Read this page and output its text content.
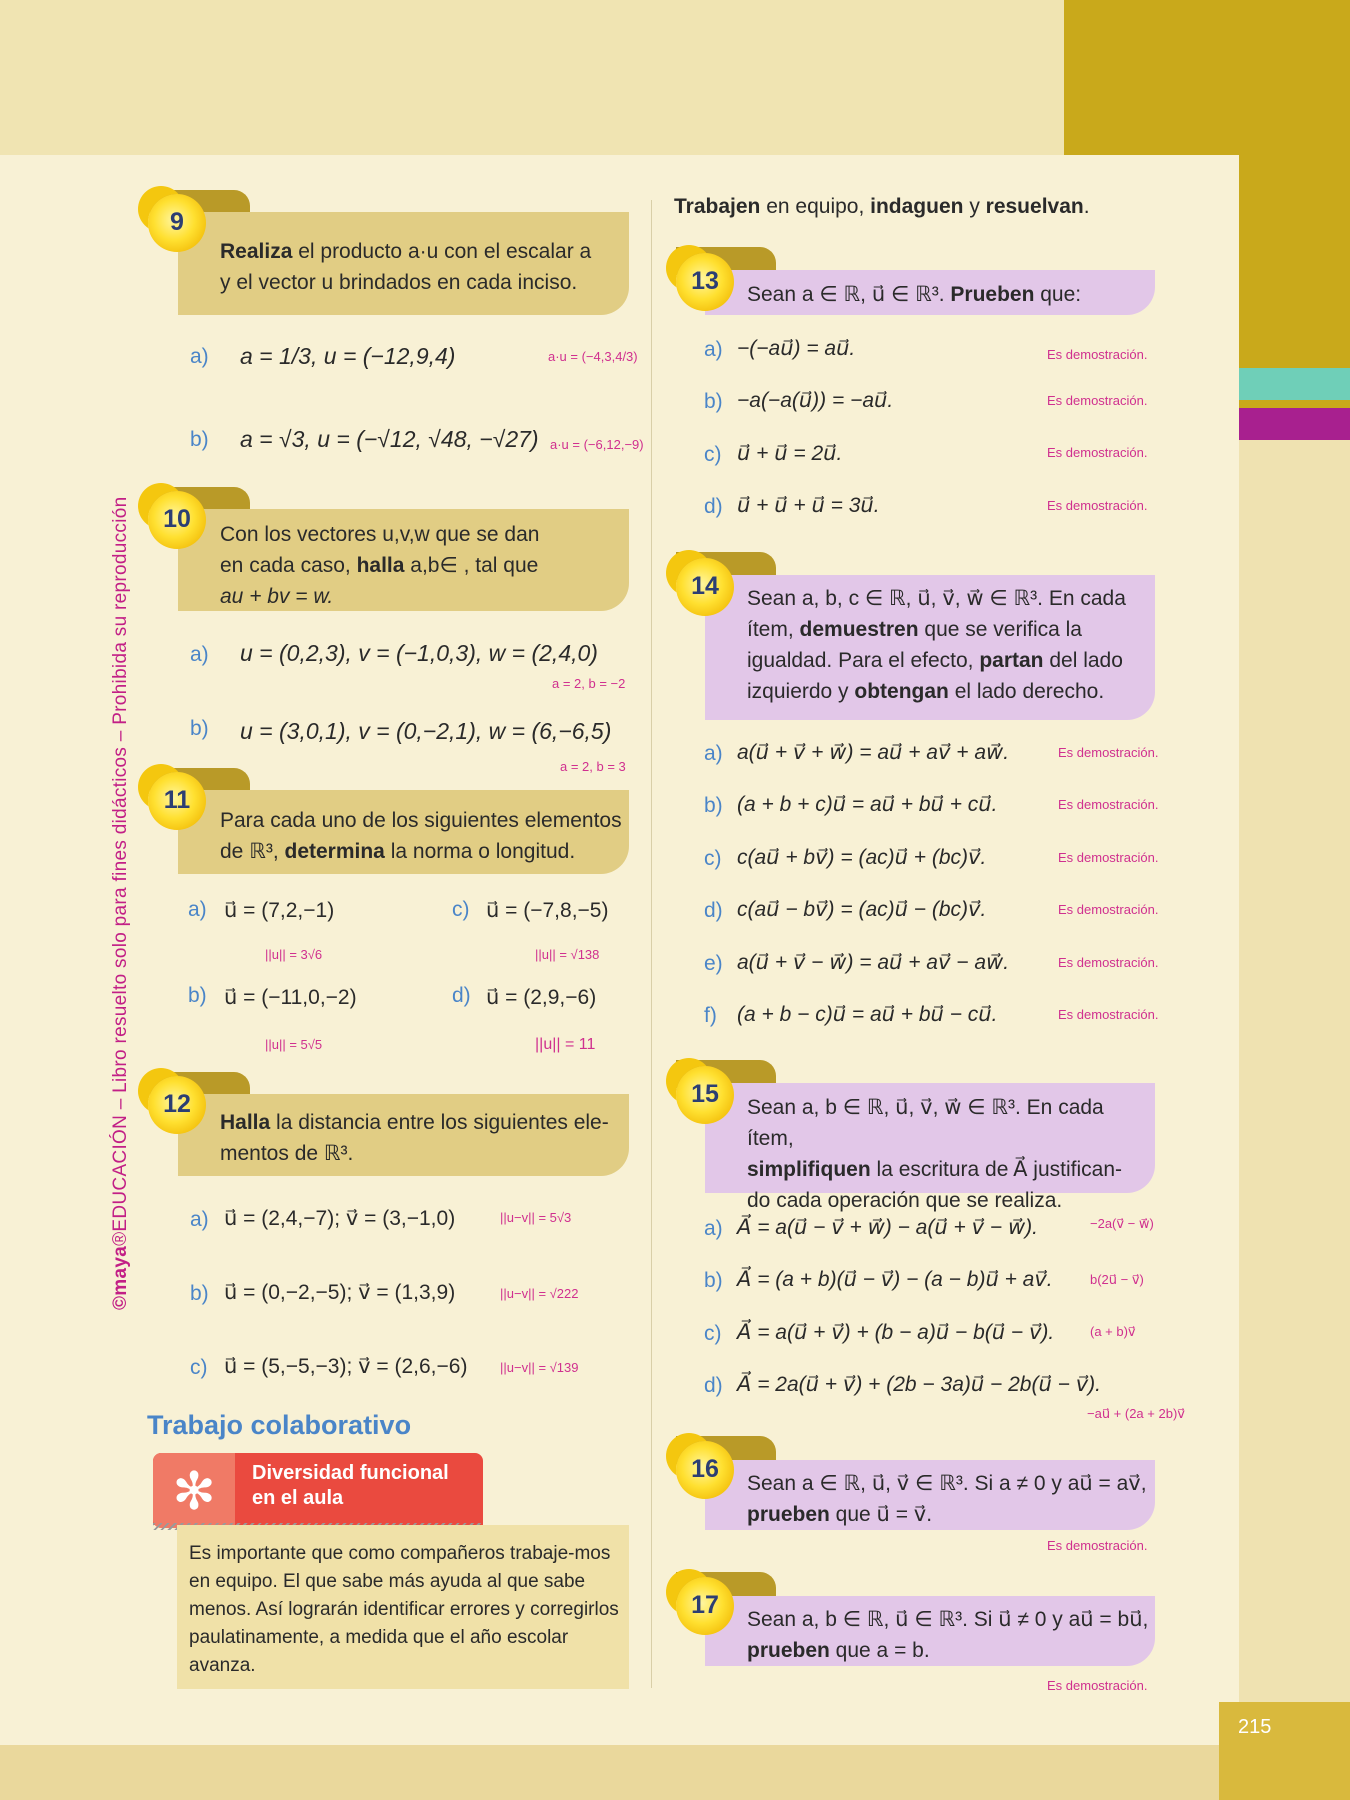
215
©maya®EDUCACIÓN – Libro resuelto solo para fines didácticos – Prohibida su reproducción
9
Realiza el producto a·u con el escalar a
y el vector u brindados en cada inciso.
a) a = 1/3, u = (−12,9,4)	a·u = (−4,3,4/3)
b) a = √3, u = (−√12, √48, −√27) a·u = (−6,12,−9)
10
Con los vectores u,v,w que se dan
en cada caso, halla a,b∈ , tal que
au + bv = w.
a) u = (0,2,3), v = (−1,0,3), w = (2,4,0)
a = 2, b = −2
b) u = (3,0,1), v = (0,−2,1), w = (6,−6,5)
a = 2, b = 3
11
Para cada uno de los siguientes elementos
de ℝ³, determina la norma o longitud.
a) u⃗ = (7,2,−1)
||u|| = 3√6
b) u⃗ = (−11,0,−2)
||u|| = 5√5
c) u⃗ = (−7,8,−5)
||u|| = √138
d) u⃗ = (2,9,−6)
||u|| = 11
12
Halla la distancia entre los siguientes ele-
mentos de ℝ³.
a) u⃗ = (2,4,−7); v⃗ = (3,−1,0)	||u−v|| = 5√3
b) u⃗ = (0,−2,−5); v⃗ = (1,3,9)	||u−v|| = √222
c) u⃗ = (5,−5,−3); v⃗ = (2,6,−6)	||u−v|| = √139
Trabajo colaborativo
✻	Diversidad funcional en el aula
Es importante que como compañeros trabaje-mos en equipo. El que sabe más ayuda al que sabe menos. Así lograrán identificar errores y corregirlos paulatinamente, a medida que el año escolar avanza.
Trabajen en equipo, indaguen y resuelvan.
13	Sean a ∈ ℝ, u⃗ ∈ ℝ³. Prueben que:
a) −(−au⃗) = au⃗.	Es demostración.
b) −a(−a(u⃗)) = −au⃗.	Es demostración.
c) u⃗ + u⃗ = 2u⃗.	Es demostración.
d) u⃗ + u⃗ + u⃗ = 3u⃗.	Es demostración.
14	Sean a, b, c ∈ ℝ, u⃗, v⃗, w⃗ ∈ ℝ³. En cada
ítem, demuestren que se verifica la
igualdad. Para el efecto, partan del lado
izquierdo y obtengan el lado derecho.
a) a(u⃗ + v⃗ + w⃗) = au⃗ + av⃗ + aw⃗.	Es demostración.
b) (a + b + c)u⃗ = au⃗ + bu⃗ + cu⃗.	Es demostración.
c) c(au⃗ + bv⃗) = (ac)u⃗ + (bc)v⃗.	Es demostración.
d) c(au⃗ − bv⃗) = (ac)u⃗ − (bc)v⃗.	Es demostración.
e) a(u⃗ + v⃗ − w⃗) = au⃗ + av⃗ − aw⃗.	Es demostración.
f) (a + b − c)u⃗ = au⃗ + bu⃗ − cu⃗.	Es demostración.
15	Sean a, b ∈ ℝ, u⃗, v⃗, w⃗ ∈ ℝ³. En cada ítem,
simplifiquen la escritura de A⃗ justifican-
do cada operación que se realiza.
a) A⃗ = a(u⃗ − v⃗ + w⃗) − a(u⃗ + v⃗ − w⃗).	−2a(v⃗ − w⃗)
b) A⃗ = (a + b)(u⃗ − v⃗) − (a − b)u⃗ + av⃗.	b(2u⃗ − v⃗)
c) A⃗ = a(u⃗ + v⃗) + (b − a)u⃗ − b(u⃗ − v⃗).	(a + b)v⃗
d) A⃗ = 2a(u⃗ + v⃗) + (2b − 3a)u⃗ − 2b(u⃗ − v⃗).
−au⃗ + (2a + 2b)v⃗
16
Sean a ∈ ℝ, u⃗, v⃗ ∈ ℝ³. Si a ≠ 0 y au⃗ = av⃗,
prueben que u⃗ = v⃗.
Es demostración.
17
Sean a, b ∈ ℝ, u⃗ ∈ ℝ³. Si u⃗ ≠ 0 y au⃗ = bu⃗,
prueben que a = b.
Es demostración.
